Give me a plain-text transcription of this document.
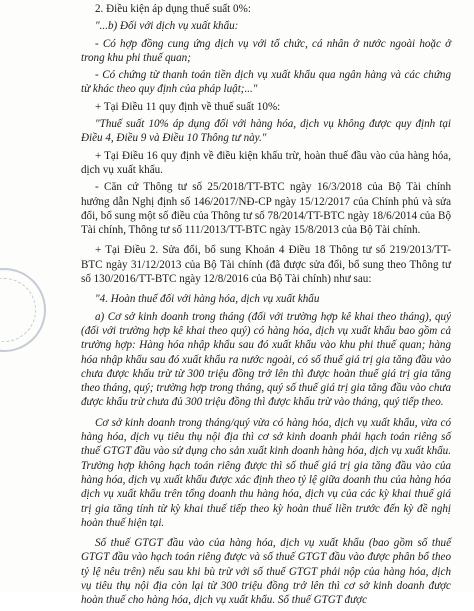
2. Điều kiện áp dụng thuế suất 0%:

"...b) Đối với dịch vụ xuất khẩu:

- Có hợp đồng cung ứng dịch vụ với tổ chức, cá nhân ở nước ngoài hoặc ở trong khu phi thuế quan;

- Có chứng từ thanh toán tiền dịch vụ xuất khẩu qua ngân hàng và các chứng từ khác theo quy định của pháp luật;..."

+ Tại Điều 11 quy định về thuế suất 10%:

"Thuế suất 10% áp dụng đối với hàng hóa, dịch vụ không được quy định tại Điều 4, Điều 9 và Điều 10 Thông tư này."

+ Tại Điều 16 quy định về điều kiện khấu trừ, hoàn thuế đầu vào của hàng hóa, dịch vụ xuất khẩu.

- Căn cứ Thông tư số 25/2018/TT-BTC ngày 16/3/2018 của Bộ Tài chính hướng dẫn Nghị định số 146/2017/NĐ-CP ngày 15/12/2017 của Chính phủ và sửa đổi, bổ sung một số điều của Thông tư số 78/2014/TT-BTC ngày 18/6/2014 của Bộ Tài chính, Thông tư số 111/2013/TT-BTC ngày 15/8/2013 của Bộ Tài chính.

+ Tại Điều 2. Sửa đổi, bổ sung Khoản 4 Điều 18 Thông tư số 219/2013/TT-BTC ngày 31/12/2013 của Bộ Tài chính (đã được sửa đổi, bổ sung theo Thông tư số 130/2016/TT-BTC ngày 12/8/2016 của Bộ Tài chính) như sau:

"4. Hoàn thuế đối với hàng hóa, dịch vụ xuất khẩu

a) Cơ sở kinh doanh trong tháng (đối với trường hợp kê khai theo tháng), quý (đối với trường hợp kê khai theo quý) có hàng hóa, dịch vụ xuất khẩu bao gồm cả trường hợp: Hàng hóa nhập khẩu sau đó xuất khẩu vào khu phi thuế quan; hàng hóa nhập khẩu sau đó xuất khẩu ra nước ngoài, có số thuế giá trị gia tăng đầu vào chưa được khấu trừ từ 300 triệu đồng trở lên thì được hoàn thuế giá trị gia tăng theo tháng, quý; trường hợp trong tháng, quý số thuế giá trị gia tăng đầu vào chưa được khấu trừ chưa đủ 300 triệu đồng thì được khấu trừ vào tháng, quý tiếp theo.

Cơ sở kinh doanh trong tháng/quý vừa có hàng hóa, dịch vụ xuất khẩu, vừa có hàng hóa, dịch vụ tiêu thụ nội địa thì cơ sở kinh doanh phải hạch toán riêng số thuế GTGT đầu vào sử dụng cho sản xuất kinh doanh hàng hóa, dịch vụ xuất khẩu. Trường hợp không hạch toán riêng được thì số thuế giá trị gia tăng đầu vào của hàng hóa, dịch vụ xuất khẩu được xác định theo tỷ lệ giữa doanh thu của hàng hóa dịch vụ xuất khẩu trên tổng doanh thu hàng hóa, dịch vụ của các kỳ khai thuế giá trị gia tăng tính từ kỳ khai thuế tiếp theo kỳ hoàn thuế liền trước đến kỳ đề nghị hoàn thuế hiện tại.

Số thuế GTGT đầu vào của hàng hóa, dịch vụ xuất khẩu (bao gồm số thuế GTGT đầu vào hạch toán riêng được và số thuế GTGT đầu vào được phân bổ theo tỷ lệ nêu trên) nếu sau khi bù trừ với số thuế GTGT phải nộp của hàng hóa, dịch vụ tiêu thụ nội địa còn lại từ 300 triệu đồng trở lên thì cơ sở kinh doanh được hoàn thuế cho hàng hóa, dịch vụ xuất khẩu. Số thuế GTGT được
